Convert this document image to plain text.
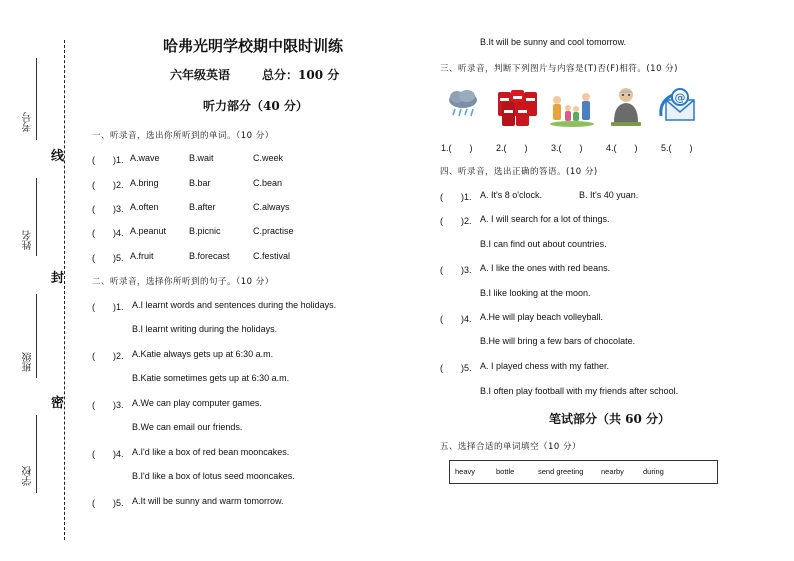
考号
姓名
班级
学校
线
封
密
哈弗光明学校期中限时训练
六年级英语	总分：100 分
听力部分（40 分）
一、听录音，选出你所听到的单词。（10 分）
(　　)1. A.wave	B.wait	C.week
(　　)2. A.bring	B.bar	C.bean
(　　)3. A.often	B.after	C.always
(　　)4. A.peanut	B.picnic	C.practise
(　　)5. A.fruit	B.forecast	C.festival
二、听录音，选择你所听到的句子。（10 分）
(　　)1. A.I learnt words and sentences during the holidays.
B.I learnt writing during the holidays.
(　　)2. A.Katie always gets up at 6:30 a.m.
B.Katie sometimes gets up at 6:30 a.m.
(　　)3. A.We can play computer games.
B.We can email our friends.
(　　)4. A.I'd like a box of red bean mooncakes.
B.I'd like a box of lotus seed mooncakes.
(　　)5. A.It will be sunny and warm tomorrow.
B.It will be sunny and cool tomorrow.
三、听录音，判断下列图片与内容是(T)否(F)相符。(10 分)
@
1.(　　)	2.(　　)	3.(　　)	4.(　　)	5.(　　)
四、听录音，选出正确的答语。(10 分)
(　　)1. A. It's 8 o'clock.	B. It's 40 yuan.
(　　)2. A. I will search for a lot of things.
B.I can find out about countries.
(　　)3. A. I like the ones with red beans.
B.I like looking at the moon.
(　　)4. A.He will play beach volleyball.
B.He will bring a few bars of chocolate.
(　　)5. A. I played chess with my father.
B.I often play football with my friends after school.
笔试部分（共 60 分）
五、选择合适的单词填空（10 分）
heavy	bottle	send greeting nearby	during
